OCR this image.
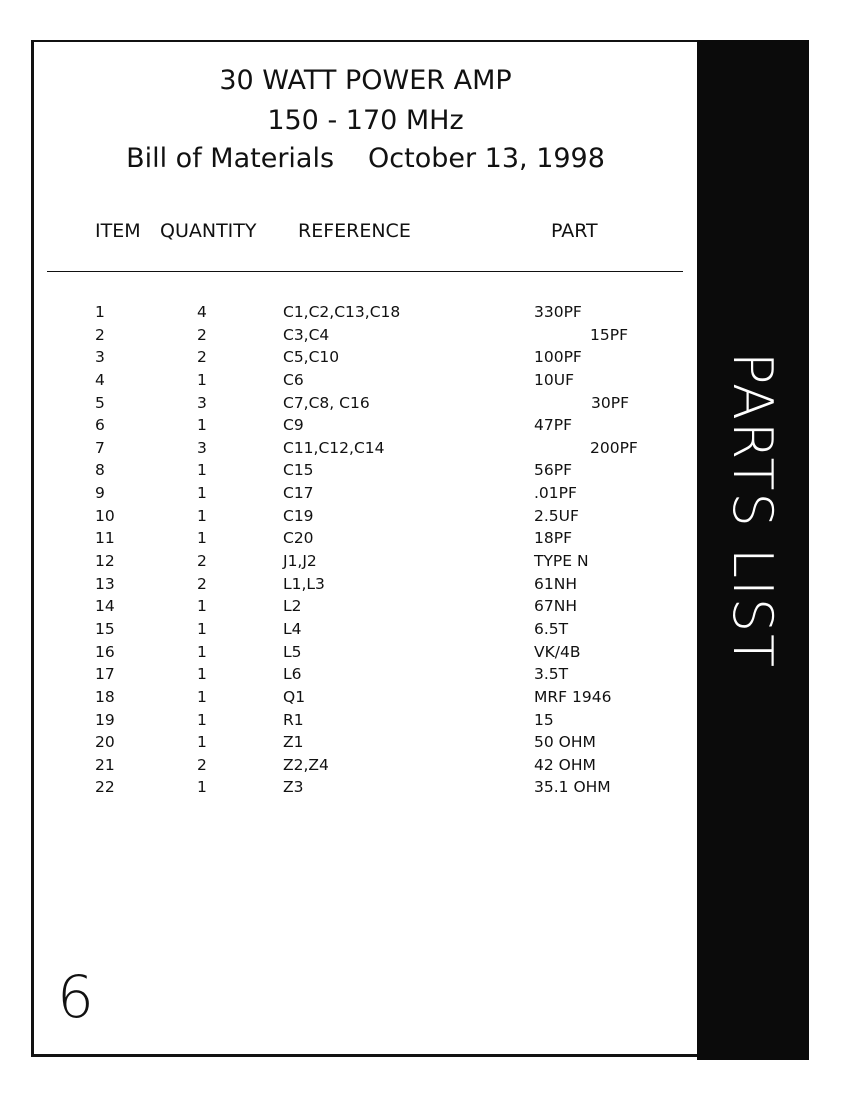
PARTS LIST
30 WATT POWER AMP
150 - 170 MHz
Bill of Materials October 13, 1998
ITEM QUANTITY REFERENCE	PART
1	4	C1,C2,C13,C18	330PF
2	2	C3,C4	15PF
3	2	C5,C10	100PF
4	1	C6	10UF
5	3	C7,C8, C16	30PF
6	1	C9	47PF
7	3	C11,C12,C14	200PF
8	1	C15	56PF
9	1	C17	.01PF
10	1	C19	2.5UF
11	1	C20	18PF
12	2	J1,J2	TYPE N
13	2	L1,L3	61NH
14	1	L2	67NH
15	1	L4	6.5T
16	1	L5	VK/4B
17	1	L6	3.5T
18	1	Q1	MRF 1946
19	1	R1	15
20	1	Z1	50 OHM
21	2	Z2,Z4	42 OHM
22	1	Z3	35.1 OHM
6
